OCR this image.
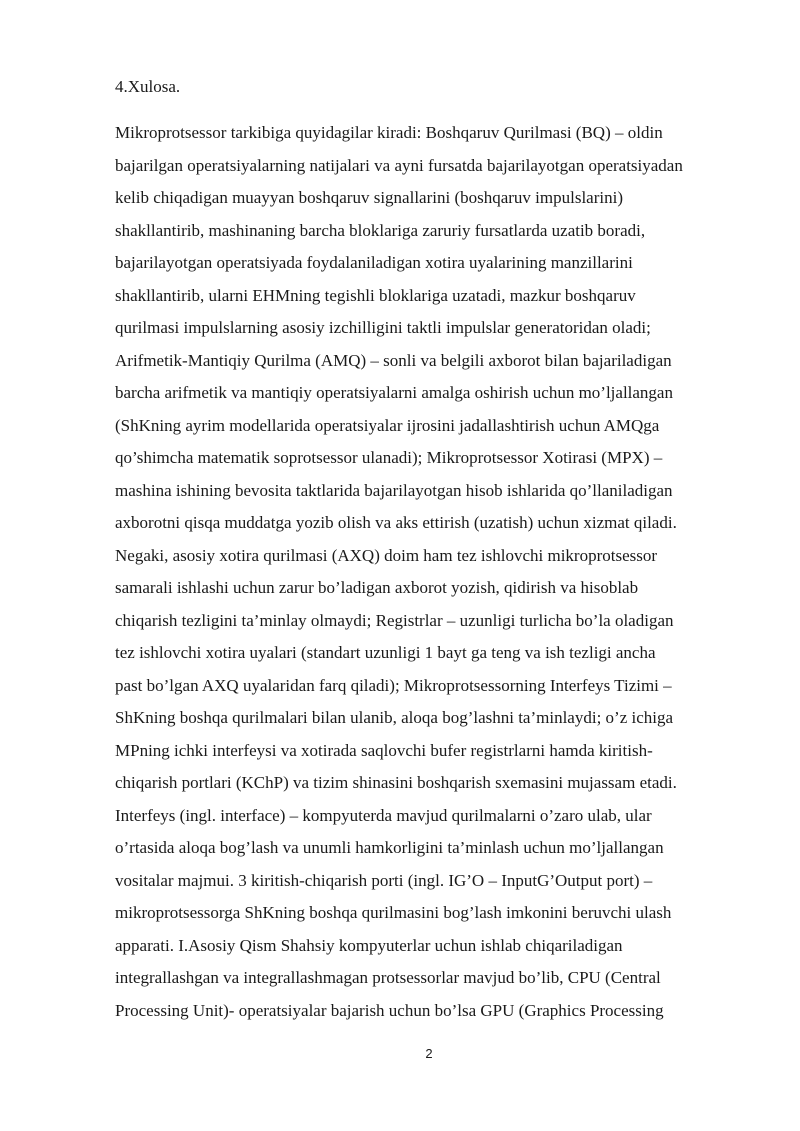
4.Xulosa.

Mikroprotsessor tarkibiga quyidagilar kiradi: Boshqaruv Qurilmasi (BQ) – oldin
bajarilgan operatsiyalarning natijalari va ayni fursatda bajarilayotgan operatsiyadan
kelib chiqadigan muayyan boshqaruv signallarini (boshqaruv impulslarini)
shakllantirib, mashinaning barcha bloklariga zaruriy fursatlarda uzatib boradi,
bajarilayotgan operatsiyada foydalaniladigan xotira uyalarining manzillarini
shakllantirib, ularni EHMning tegishli bloklariga uzatadi, mazkur boshqaruv
qurilmasi impulslarning asosiy izchilligini taktli impulslar generatoridan oladi;
Arifmetik-Mantiqiy Qurilma (AMQ) – sonli va belgili axborot bilan bajariladigan
barcha arifmetik va mantiqiy operatsiyalarni amalga oshirish uchun mo’ljallangan
(ShKning ayrim modellarida operatsiyalar ijrosini jadallashtirish uchun AMQga
qo’shimcha matematik soprotsessor ulanadi); Mikroprotsessor Xotirasi (MPX) –
mashina ishining bevosita taktlarida bajarilayotgan hisob ishlarida qo’llaniladigan
axborotni qisqa muddatga yozib olish va aks ettirish (uzatish) uchun xizmat qiladi.
Negaki, asosiy xotira qurilmasi (AXQ) doim ham tez ishlovchi mikroprotsessor
samarali ishlashi uchun zarur bo’ladigan axborot yozish, qidirish va hisoblab
chiqarish tezligini ta’minlay olmaydi; Registrlar – uzunligi turlicha bo’la oladigan
tez ishlovchi xotira uyalari (standart uzunligi 1 bayt ga teng va ish tezligi ancha
past bo’lgan AXQ uyalaridan farq qiladi); Mikroprotsessorning Interfeys Tizimi –
ShKning boshqa qurilmalari bilan ulanib, aloqa bog’lashni ta’minlaydi; o’z ichiga
MPning ichki interfeysi va xotirada saqlovchi bufer registrlarni hamda kiritish-
chiqarish portlari (KChP) va tizim shinasini boshqarish sxemasini mujassam etadi.
Interfeys (ingl. interface) – kompyuterda mavjud qurilmalarni o’zaro ulab, ular
o’rtasida aloqa bog’lash va unumli hamkorligini ta’minlash uchun mo’ljallangan
vositalar majmui. 3 kiritish-chiqarish porti (ingl. IG’O – InputG’Output port) –
mikroprotsessorga ShKning boshqa qurilmasini bog’lash imkonini beruvchi ulash
apparati. I.Asosiy Qism Shahsiy kompyuterlar uchun ishlab chiqariladigan
integrallashgan va integrallashmagan protsessorlar mavjud bo’lib, CPU (Central
Processing Unit)- operatsiyalar bajarish uchun bo’lsa GPU (Graphics Processing
2
